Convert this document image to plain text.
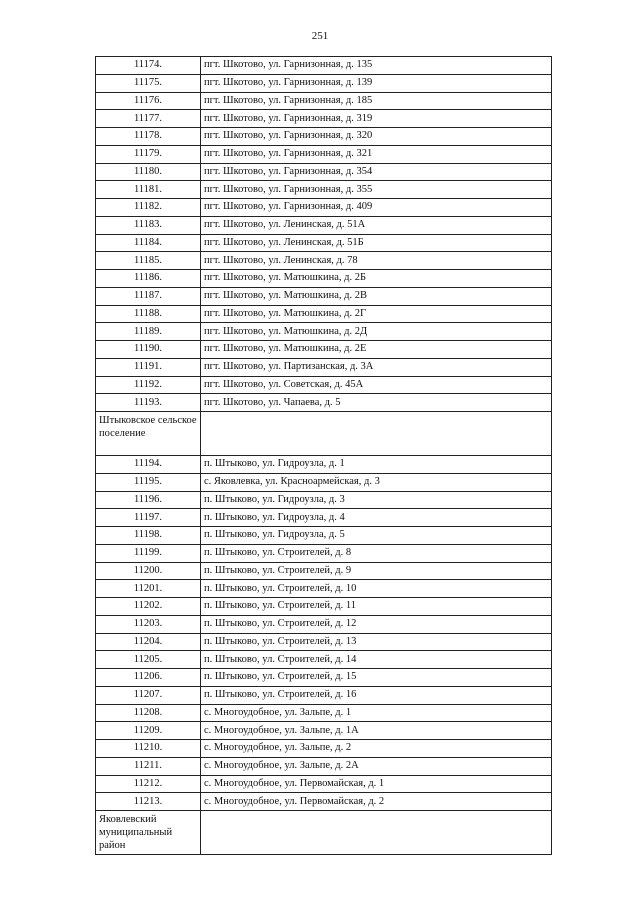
251
11174.	пгт. Шкотово, ул. Гарнизонная, д. 135
11175.	пгт. Шкотово, ул. Гарнизонная, д. 139
11176.	пгт. Шкотово, ул. Гарнизонная, д. 185
11177.	пгт. Шкотово, ул. Гарнизонная, д. 319
11178.	пгт. Шкотово, ул. Гарнизонная, д. 320
11179.	пгт. Шкотово, ул. Гарнизонная, д. 321
11180.	пгт. Шкотово, ул. Гарнизонная, д. 354
11181.	пгт. Шкотово, ул. Гарнизонная, д. 355
11182.	пгт. Шкотово, ул. Гарнизонная, д. 409
11183.	пгт. Шкотово, ул. Ленинская, д. 51А
11184.	пгт. Шкотово, ул. Ленинская, д. 51Б
11185.	пгт. Шкотово, ул. Ленинская, д. 78
11186.	пгт. Шкотово, ул. Матюшкина, д. 2Б
11187.	пгт. Шкотово, ул. Матюшкина, д. 2В
11188.	пгт. Шкотово, ул. Матюшкина, д. 2Г
11189.	пгт. Шкотово, ул. Матюшкина, д. 2Д
11190.	пгт. Шкотово, ул. Матюшкина, д. 2Е
11191.	пгт. Шкотово, ул. Партизанская, д. 3А
11192.	пгт. Шкотово, ул. Советская, д. 45А
11193.	пгт. Шкотово, ул. Чапаева, д. 5
Штыковское сельское поселение	
11194.	п. Штыково, ул. Гидроузла, д. 1
11195.	с. Яковлевка, ул. Красноармейская, д. 3
11196.	п. Штыково, ул. Гидроузла, д. 3
11197.	п. Штыково, ул. Гидроузла, д. 4
11198.	п. Штыково, ул. Гидроузла, д. 5
11199.	п. Штыково, ул. Строителей, д. 8
11200.	п. Штыково, ул. Строителей, д. 9
11201.	п. Штыково, ул. Строителей, д. 10
11202.	п. Штыково, ул. Строителей, д. 11
11203.	п. Штыково, ул. Строителей, д. 12
11204.	п. Штыково, ул. Строителей, д. 13
11205.	п. Штыково, ул. Строителей, д. 14
11206.	п. Штыково, ул. Строителей, д. 15
11207.	п. Штыково, ул. Строителей, д. 16
11208.	с. Многоудобное, ул. Зальпе, д. 1
11209.	с. Многоудобное, ул. Зальпе, д. 1А
11210.	с. Многоудобное, ул. Зальпе, д. 2
11211.	с. Многоудобное, ул. Зальпе, д. 2А
11212.	с. Многоудобное, ул. Первомайская, д. 1
11213.	с. Многоудобное, ул. Первомайская, д. 2
Яковлевский муниципальный район	
